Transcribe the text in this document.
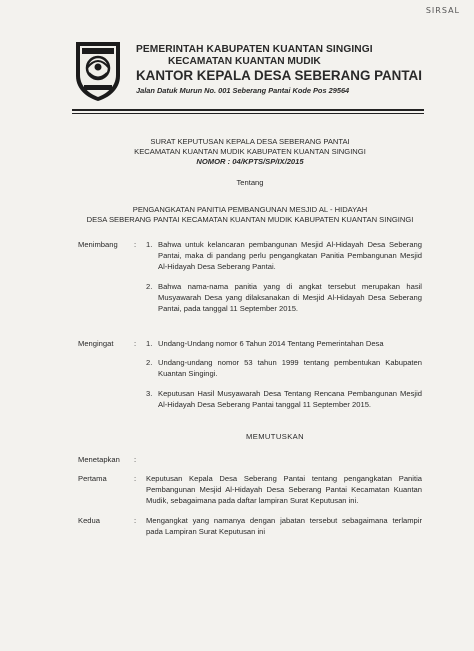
SIRSAL
PEMERINTAH KABUPATEN KUANTAN SINGINGI
KECAMATAN KUANTAN MUDIK
KANTOR KEPALA DESA SEBERANG PANTAI
Jalan Datuk Murun No. 001 Seberang Pantai Kode Pos 29564
SURAT KEPUTUSAN KEPALA DESA SEBERANG PANTAI
KECAMATAN KUANTAN MUDIK KABUPATEN KUANTAN SINGINGI
NOMOR : 04/KPTS/SP/IX/2015
Tentang
PENGANGKATAN PANITIA PEMBANGUNAN MESJID AL - HIDAYAH
DESA SEBERANG PANTAI KECAMATAN KUANTAN MUDIK KABUPATEN KUANTAN SINGINGI
Menimbang : 1. Bahwa untuk kelancaran pembangunan Mesjid Al-Hidayah Desa Seberang Pantai, maka di pandang perlu pengangkatan Panitia Pembangunan Mesjid Al-Hidayah Desa Seberang Pantai.
2. Bahwa nama-nama panitia yang di angkat tersebut merupakan hasil Musyawarah Desa yang dilaksanakan di Mesjid Al-Hidayah Desa Seberang Pantai, pada tanggal 11 September 2015.
Mengingat	: 1. Undang-Undang nomor 6 Tahun 2014 Tentang Pemerintahan Desa
2. Undang-undang nomor 53 tahun 1999 tentang pembentukan Kabupaten Kuantan Singingi.
3. Keputusan Hasil Musyawarah Desa Tentang Rencana Pembangunan Mesjid Al-Hidayah Desa Seberang Pantai tanggal 11 September 2015.
MEMUTUSKAN
Menetapkan :
Pertama	: Keputusan Kepala Desa Seberang Pantai tentang pengangkatan Panitia Pembangunan Mesjid Al-Hidayah Desa Seberang Pantai Kecamatan Kuantan Mudik, sebagaimana pada daftar lampiran Surat Keputusan ini.
Kedua	: Mengangkat yang namanya dengan jabatan tersebut sebagaimana terlampir pada Lampiran Surat Keputusan ini
